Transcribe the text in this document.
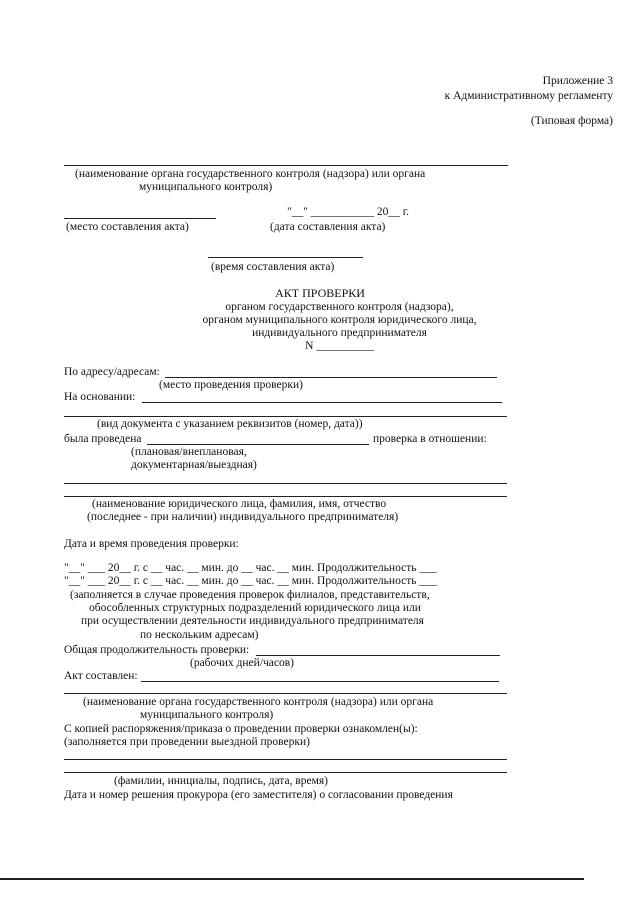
Приложение 3
к Административному регламенту
(Типовая форма)
(наименование органа государственного контроля (надзора) или органа
муниципального контроля)
"__" ___________ 20__ г.
(место составления акта)	(дата составления акта)
(время составления акта)
АКТ ПРОВЕРКИ
органом государственного контроля (надзора),
органом муниципального контроля юридического лица,
индивидуального предпринимателя
N __________
По адресу/адресам:
(место проведения проверки)
На основании:
(вид документа с указанием реквизитов (номер, дата))
была проведена	проверка в отношении:
(плановая/внеплановая,
документарная/выездная)
(наименование юридического лица, фамилия, имя, отчество
(последнее - при наличии) индивидуального предпринимателя)
Дата и время проведения проверки:
"__" ___ 20__ г. с __ час. __ мин. до __ час. __ мин. Продолжительность ___
"__" ___ 20__ г. с __ час. __ мин. до __ час. __ мин. Продолжительность ___
(заполняется в случае проведения проверок филиалов, представительств,
обособленных структурных подразделений юридического лица или
при осуществлении деятельности индивидуального предпринимателя
по нескольким адресам)
Общая продолжительность проверки:
(рабочих дней/часов)
Акт составлен:
(наименование органа государственного контроля (надзора) или органа
муниципального контроля)
С копией распоряжения/приказа о проведении проверки ознакомлен(ы):
(заполняется при проведении выездной проверки)
(фамилии, инициалы, подпись, дата, время)
Дата и номер решения прокурора (его заместителя) о согласовании проведения
